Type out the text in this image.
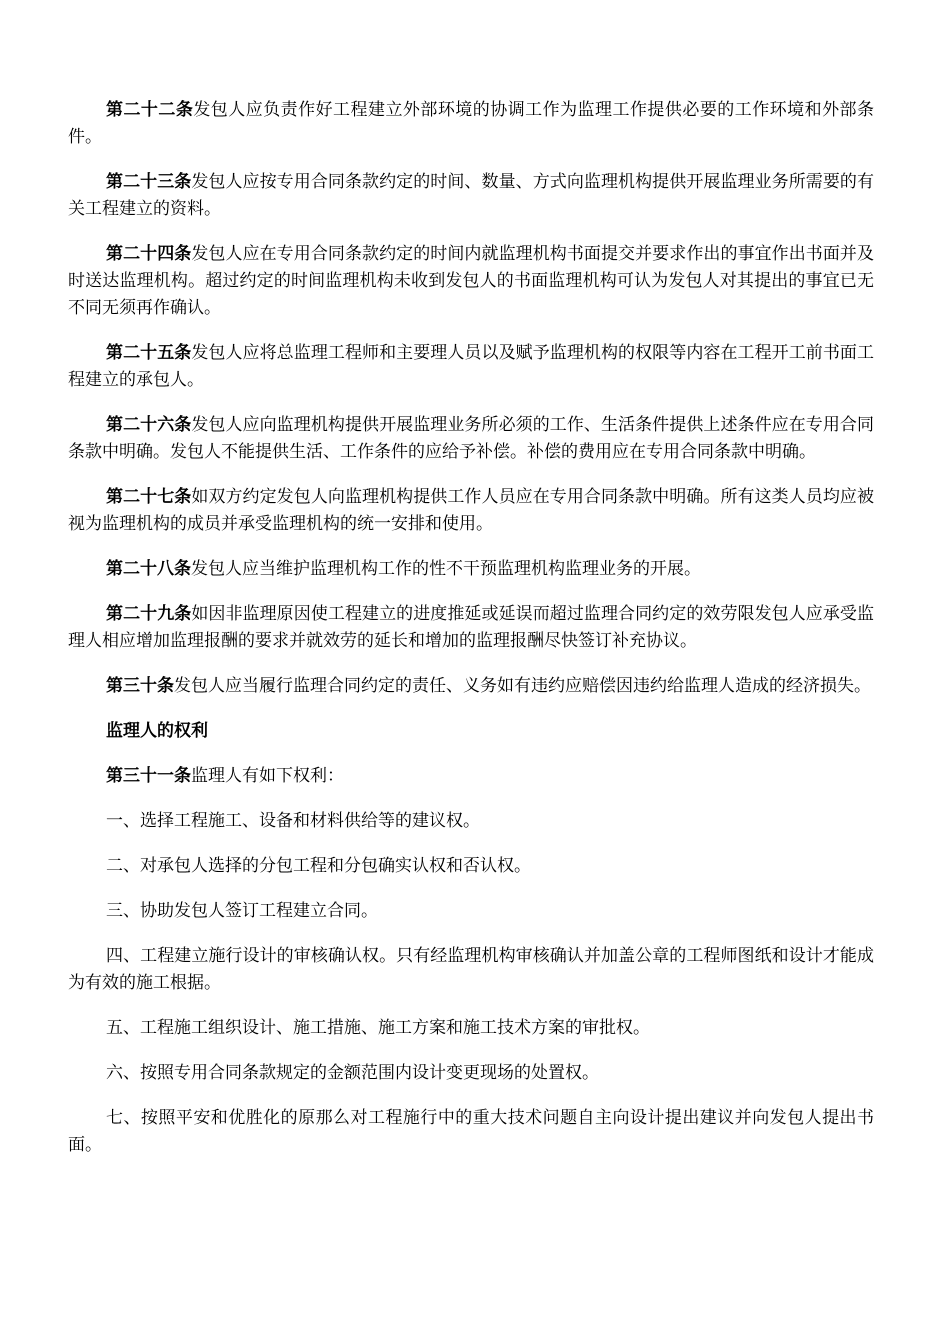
第二十二条发包人应负责作好工程建立外部环境的协调工作为监理工作提供必要的工作环境和外部条件。

第二十三条发包人应按专用合同条款约定的时间、数量、方式向监理机构提供开展监理业务所需要的有关工程建立的资料。

第二十四条发包人应在专用合同条款约定的时间内就监理机构书面提交并要求作出的事宜作出书面并及时送达监理机构。超过约定的时间监理机构未收到发包人的书面监理机构可认为发包人对其提出的事宜已无不同无须再作确认。

第二十五条发包人应将总监理工程师和主要理人员以及赋予监理机构的权限等内容在工程开工前书面工程建立的承包人。

第二十六条发包人应向监理机构提供开展监理业务所必须的工作、生活条件提供上述条件应在专用合同条款中明确。发包人不能提供生活、工作条件的应给予补偿。补偿的费用应在专用合同条款中明确。

第二十七条如双方约定发包人向监理机构提供工作人员应在专用合同条款中明确。所有这类人员均应被视为监理机构的成员并承受监理机构的统一安排和使用。

第二十八条发包人应当维护监理机构工作的性不干预监理机构监理业务的开展。

第二十九条如因非监理原因使工程建立的进度推延或延误而超过监理合同约定的效劳限发包人应承受监理人相应增加监理报酬的要求并就效劳的延长和增加的监理报酬尽快签订补充协议。

第三十条发包人应当履行监理合同约定的责任、义务如有违约应赔偿因违约给监理人造成的经济损失。

监理人的权利

第三十一条监理人有如下权利：

一、选择工程施工、设备和材料供给等的建议权。

二、对承包人选择的分包工程和分包确实认权和否认权。

三、协助发包人签订工程建立合同。

四、工程建立施行设计的审核确认权。只有经监理机构审核确认并加盖公章的工程师图纸和设计才能成为有效的施工根据。

五、工程施工组织设计、施工措施、施工方案和施工技术方案的审批权。

六、按照专用合同条款规定的金额范围内设计变更现场的处置权。

七、按照平安和优胜化的原那么对工程施行中的重大技术问题自主向设计提出建议并向发包人提出书面。
